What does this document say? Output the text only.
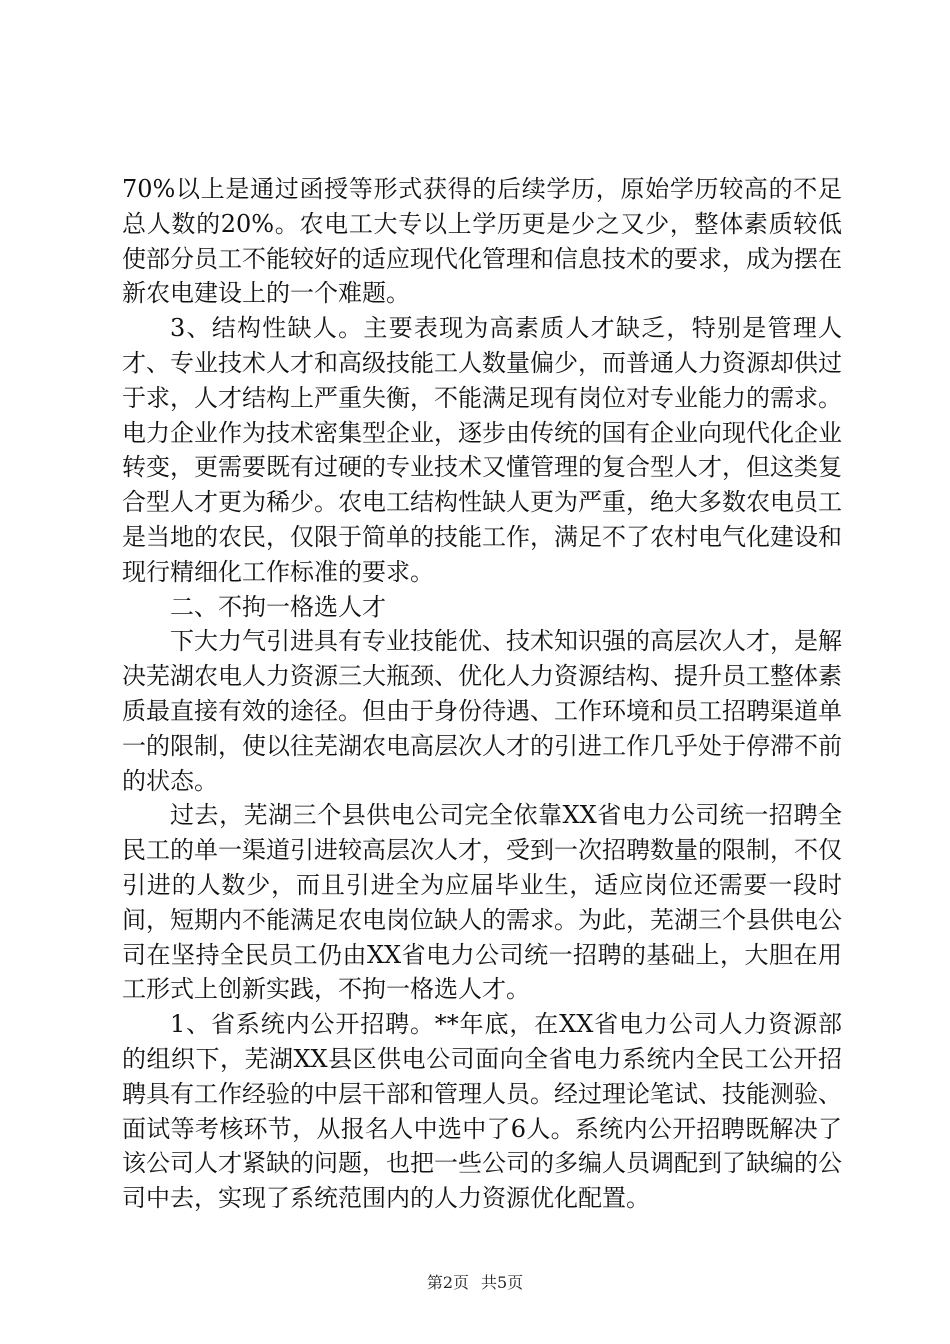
70%以上是通过函授等形式获得的后续学历，原始学历较高的不足总人数的20%。农电工大专以上学历更是少之又少，整体素质较低使部分员工不能较好的适应现代化管理和信息技术的要求，成为摆在新农电建设上的一个难题。

3、结构性缺人。主要表现为高素质人才缺乏，特别是管理人才、专业技术人才和高级技能工人数量偏少，而普通人力资源却供过于求，人才结构上严重失衡，不能满足现有岗位对专业能力的需求。电力企业作为技术密集型企业，逐步由传统的国有企业向现代化企业转变，更需要既有过硬的专业技术又懂管理的复合型人才，但这类复合型人才更为稀少。农电工结构性缺人更为严重，绝大多数农电员工是当地的农民，仅限于简单的技能工作，满足不了农村电气化建设和现行精细化工作标准的要求。

二、不拘一格选人才

下大力气引进具有专业技能优、技术知识强的高层次人才，是解决芜湖农电人力资源三大瓶颈、优化人力资源结构、提升员工整体素质最直接有效的途径。但由于身份待遇、工作环境和员工招聘渠道单一的限制，使以往芜湖农电高层次人才的引进工作几乎处于停滞不前的状态。

过去，芜湖三个县供电公司完全依靠XX省电力公司统一招聘全民工的单一渠道引进较高层次人才，受到一次招聘数量的限制，不仅引进的人数少，而且引进全为应届毕业生，适应岗位还需要一段时间，短期内不能满足农电岗位缺人的需求。为此，芜湖三个县供电公司在坚持全民员工仍由XX省电力公司统一招聘的基础上，大胆在用工形式上创新实践，不拘一格选人才。

1、省系统内公开招聘。**年底，在XX省电力公司人力资源部的组织下，芜湖XX县区供电公司面向全省电力系统内全民工公开招聘具有工作经验的中层干部和管理人员。经过理论笔试、技能测验、面试等考核环节，从报名人中选中了6人。系统内公开招聘既解决了该公司人才紧缺的问题，也把一些公司的多编人员调配到了缺编的公司中去，实现了系统范围内的人力资源优化配置。

第2页 共5页
